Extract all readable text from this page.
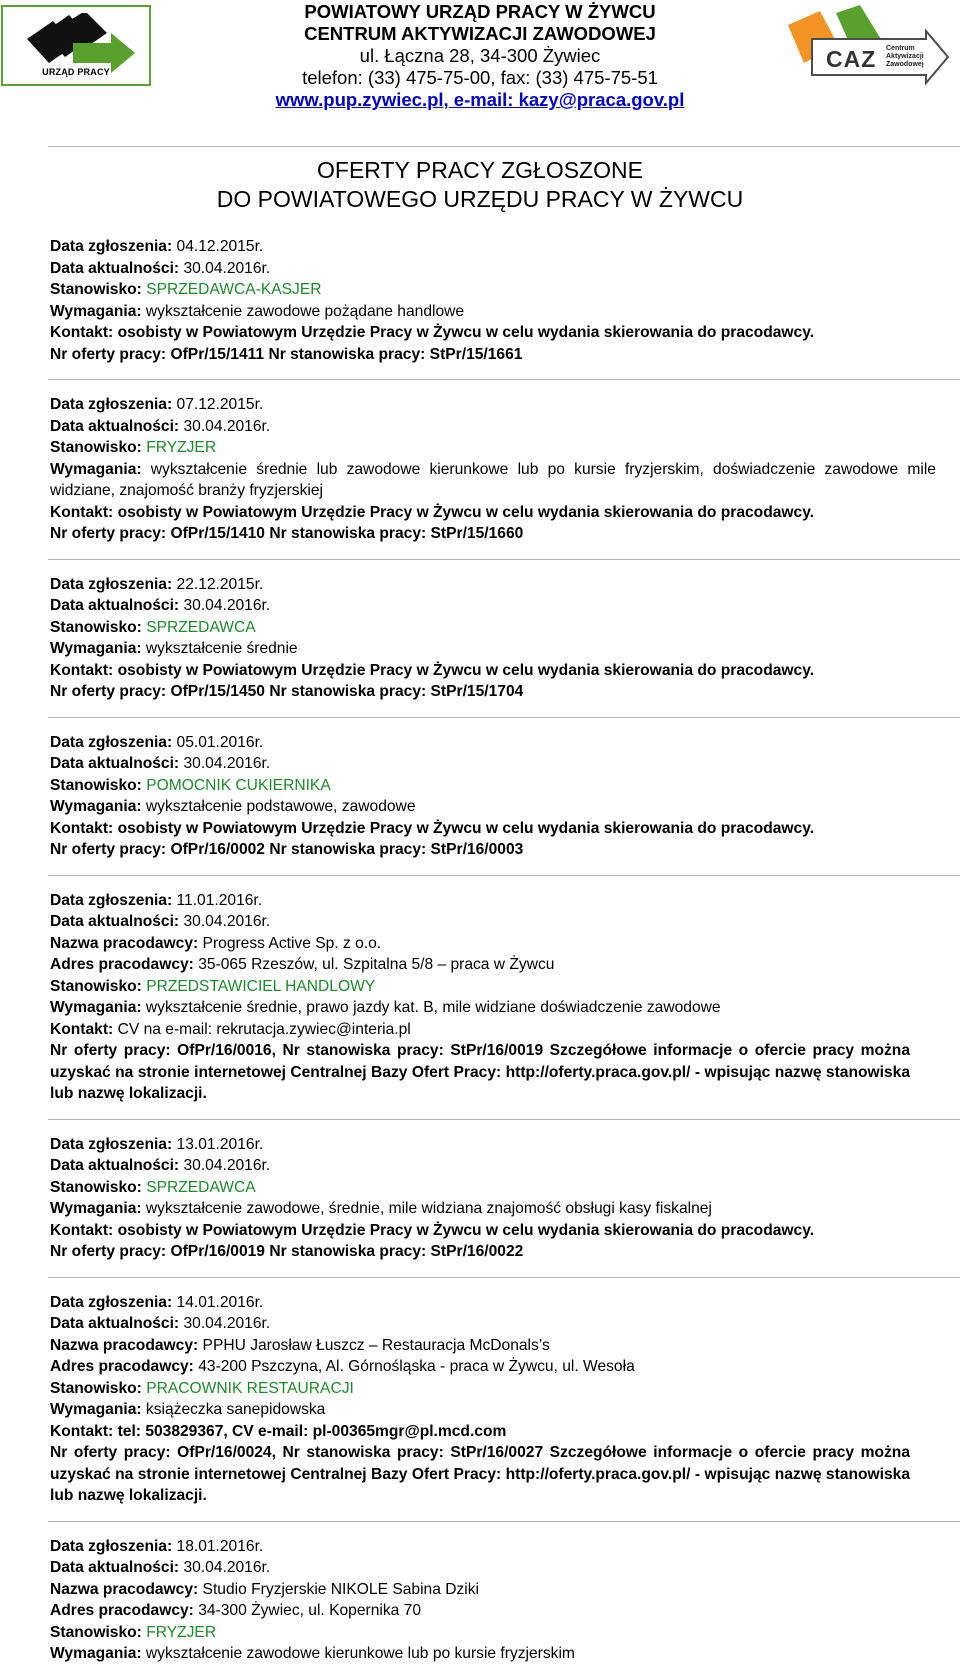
URZĄD PRACY	CAZ Centrum
Aktywizacji
Zawodowej
POWIATOWY URZĄD PRACY W ŻYWCU
CENTRUM AKTYWIZACJI ZAWODOWEJ
ul. Łączna 28, 34-300 Żywiec
telefon: (33) 475-75-00, fax: (33) 475-75-51
www.pup.zywiec.pl, e-mail: kazy@praca.gov.pl
OFERTY PRACY ZGŁOSZONE
DO POWIATOWEGO URZĘDU PRACY W ŻYWCU
Data zgłoszenia: 04.12.2015r.
Data aktualności: 30.04.2016r.
Stanowisko: SPRZEDAWCA-KASJER
Wymagania: wykształcenie zawodowe pożądane handlowe
Kontakt: osobisty w Powiatowym Urzędzie Pracy w Żywcu w celu wydania skierowania do pracodawcy.
Nr oferty pracy: OfPr/15/1411 Nr stanowiska pracy: StPr/15/1661
Data zgłoszenia: 07.12.2015r.
Data aktualności: 30.04.2016r.
Stanowisko: FRYZJER
Wymagania: wykształcenie średnie lub zawodowe kierunkowe lub po kursie fryzjerskim, doświadczenie zawodowe mile widziane, znajomość branży fryzjerskiej
Kontakt: osobisty w Powiatowym Urzędzie Pracy w Żywcu w celu wydania skierowania do pracodawcy.
Nr oferty pracy: OfPr/15/1410 Nr stanowiska pracy: StPr/15/1660
Data zgłoszenia: 22.12.2015r.
Data aktualności: 30.04.2016r.
Stanowisko: SPRZEDAWCA
Wymagania: wykształcenie średnie
Kontakt: osobisty w Powiatowym Urzędzie Pracy w Żywcu w celu wydania skierowania do pracodawcy.
Nr oferty pracy: OfPr/15/1450 Nr stanowiska pracy: StPr/15/1704
Data zgłoszenia: 05.01.2016r.
Data aktualności: 30.04.2016r.
Stanowisko: POMOCNIK CUKIERNIKA
Wymagania: wykształcenie podstawowe, zawodowe
Kontakt: osobisty w Powiatowym Urzędzie Pracy w Żywcu w celu wydania skierowania do pracodawcy.
Nr oferty pracy: OfPr/16/0002 Nr stanowiska pracy: StPr/16/0003
Data zgłoszenia: 11.01.2016r.
Data aktualności: 30.04.2016r.
Nazwa pracodawcy: Progress Active Sp. z o.o.
Adres pracodawcy: 35-065 Rzeszów, ul. Szpitalna 5/8 – praca w Żywcu
Stanowisko: PRZEDSTAWICIEL HANDLOWY
Wymagania: wykształcenie średnie, prawo jazdy kat. B, mile widziane doświadczenie zawodowe
Kontakt: CV na e-mail: rekrutacja.zywiec@interia.pl
Nr oferty pracy: OfPr/16/0016, Nr stanowiska pracy: StPr/16/0019 Szczegółowe informacje o ofercie pracy można uzyskać na stronie internetowej Centralnej Bazy Ofert Pracy: http://oferty.praca.gov.pl/ - wpisując nazwę stanowiska lub nazwę lokalizacji.
Data zgłoszenia: 13.01.2016r.
Data aktualności: 30.04.2016r.
Stanowisko: SPRZEDAWCA
Wymagania: wykształcenie zawodowe, średnie, mile widziana znajomość obsługi kasy fiskalnej
Kontakt: osobisty w Powiatowym Urzędzie Pracy w Żywcu w celu wydania skierowania do pracodawcy.
Nr oferty pracy: OfPr/16/0019 Nr stanowiska pracy: StPr/16/0022
Data zgłoszenia: 14.01.2016r.
Data aktualności: 30.04.2016r.
Nazwa pracodawcy: PPHU Jarosław Łuszcz – Restauracja McDonals’s
Adres pracodawcy: 43-200 Pszczyna, Al. Górnośląska - praca w Żywcu, ul. Wesoła
Stanowisko: PRACOWNIK RESTAURACJI
Wymagania: książeczka sanepidowska
Kontakt: tel: 503829367, CV e-mail: pl-00365mgr@pl.mcd.com
Nr oferty pracy: OfPr/16/0024, Nr stanowiska pracy: StPr/16/0027 Szczegółowe informacje o ofercie pracy można uzyskać na stronie internetowej Centralnej Bazy Ofert Pracy: http://oferty.praca.gov.pl/ - wpisując nazwę stanowiska lub nazwę lokalizacji.
Data zgłoszenia: 18.01.2016r.
Data aktualności: 30.04.2016r.
Nazwa pracodawcy: Studio Fryzjerskie NIKOLE Sabina Dziki
Adres pracodawcy: 34-300 Żywiec, ul. Kopernika 70
Stanowisko: FRYZJER
Wymagania: wykształcenie zawodowe kierunkowe lub po kursie fryzjerskim
